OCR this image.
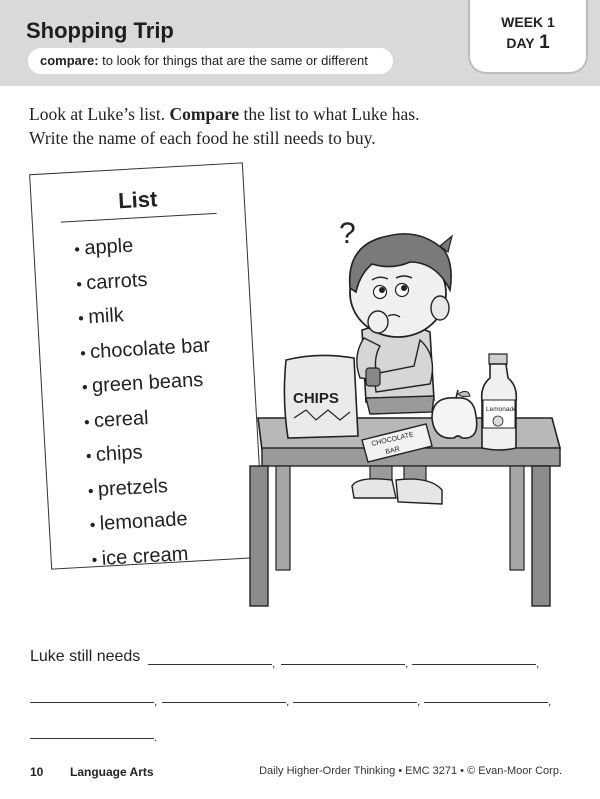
Shopping Trip
compare: to look for things that are the same or different
WEEK 1
DAY 1

Look at Luke’s list. Compare the list to what Luke has.
Write the name of each food he still needs to buy.

List
• apple
• carrots
• milk
• chocolate bar
• green beans
• cereal
• chips
• pretzels
• lemonade
• ice cream
?
CHIPS
CHOCOLATE
BAR
Lemonade
Luke still needs	,	,	,
,	,	,	,
.
10 Language Arts	Daily Higher-Order Thinking • EMC 3271 • © Evan-Moor Corp.
